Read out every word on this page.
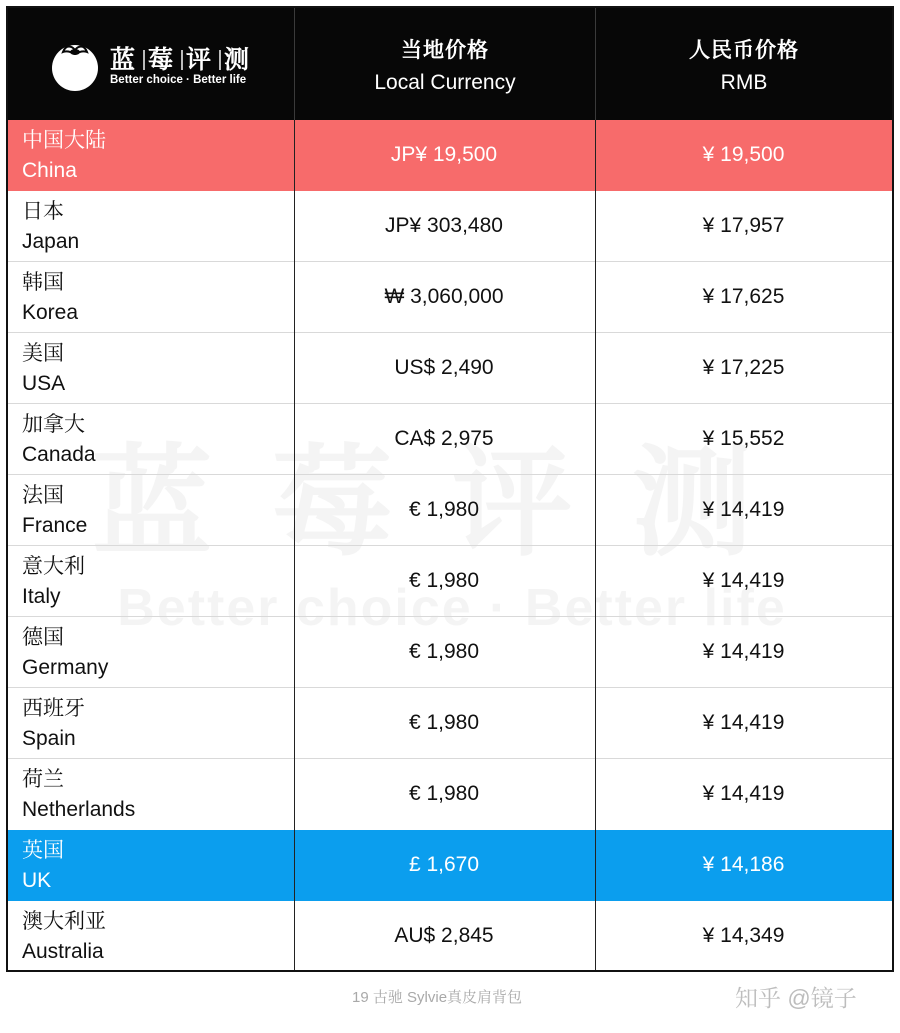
蓝 莓 评 测
Better choice · Better life
当地价格
Local Currency
人民币价格
RMB
中国大陆
China
JP¥ 19,500	¥ 19,500
日本
Japan
JP¥ 303,480	¥ 17,957
韩国
Korea
₩ 3,060,000	¥ 17,625
美国
USA
US$ 2,490	¥ 17,225
加拿大
Canada
CA$ 2,975	¥ 15,552
法国
France
€ 1,980	¥ 14,419
意大利
Italy
€ 1,980	¥ 14,419
德国
Germany
€ 1,980	¥ 14,419
西班牙
Spain
€ 1,980	¥ 14,419
荷兰
Netherlands
€ 1,980	¥ 14,419
英国
UK
£ 1,670	¥ 14,186
澳大利亚
Australia
AU$ 2,845	¥ 14,349
19 古驰 Sylvie真皮肩背包	知乎 @镜子
